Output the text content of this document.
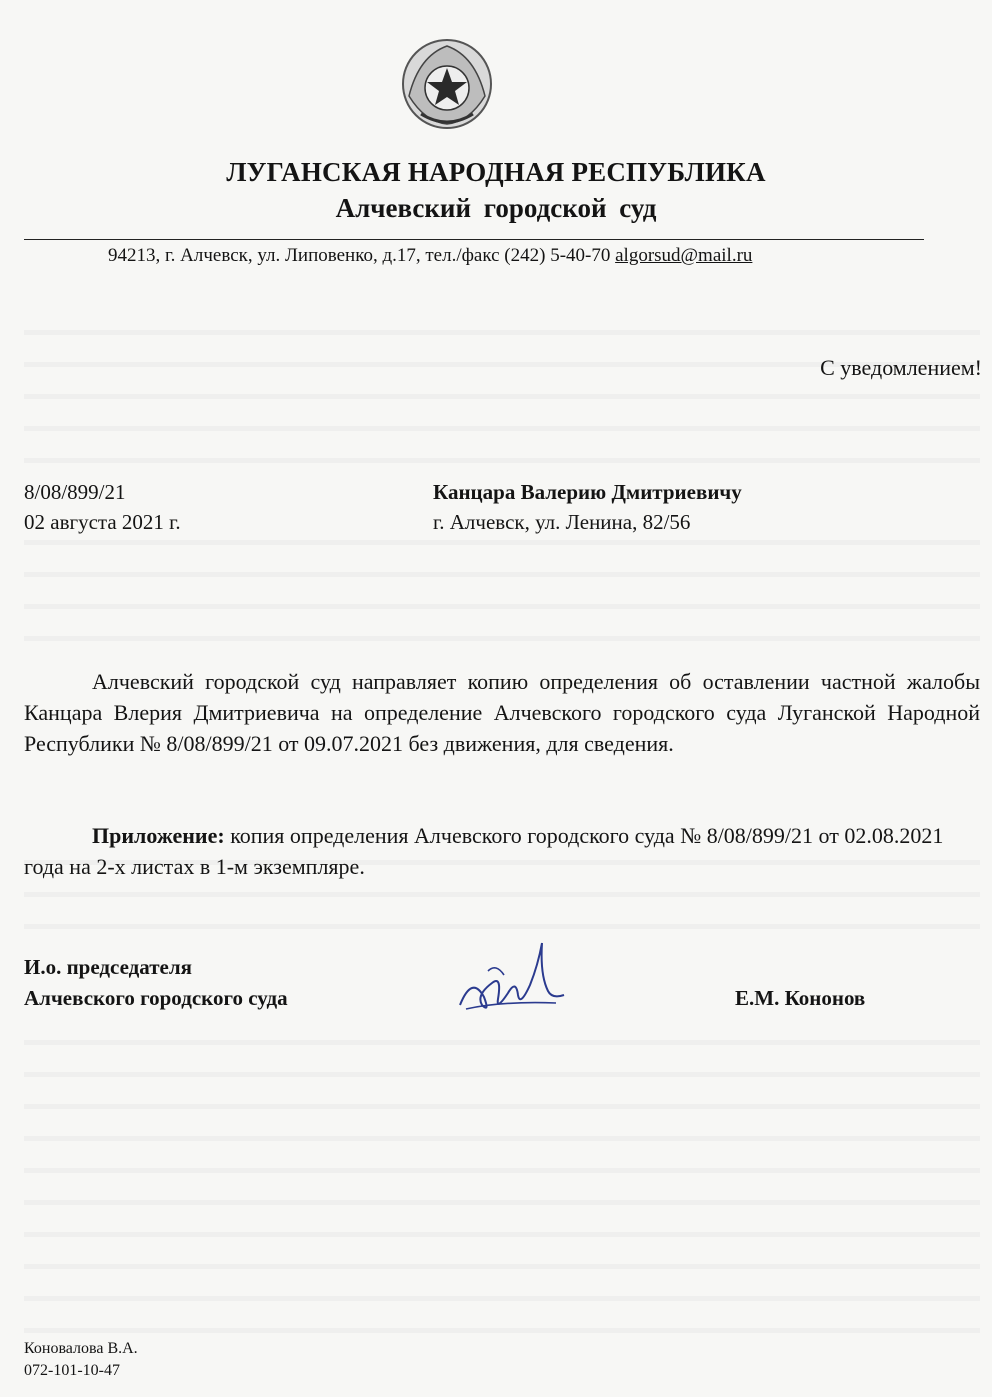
ЛУГАНСКАЯ НАРОДНАЯ РЕСПУБЛИКА
Алчевский городской суд
94213, г. Алчевск, ул. Липовенко, д.17, тел./факс (242) 5-40-70 algorsud@mail.ru
С уведомлением!
8/08/899/21
02 августа 2021 г.
Канцара Валерию Дмитриевичу
г. Алчевск, ул. Ленина, 82/56

Алчевский городской суд направляет копию определения об оставлении частной жалобы Канцара Влерия Дмитриевича на определение Алчевского городского суда Луганской Народной Республики № 8/08/899/21 от 09.07.2021 без движения, для сведения.

Приложение: копия определения Алчевского городского суда № 8/08/899/21 от 02.08.2021 года на 2-х листах в 1-м экземпляре.

И.о. председателя
Алчевского городского суда	Е.М. Кононов
Коновалова В.А.
072-101-10-47
